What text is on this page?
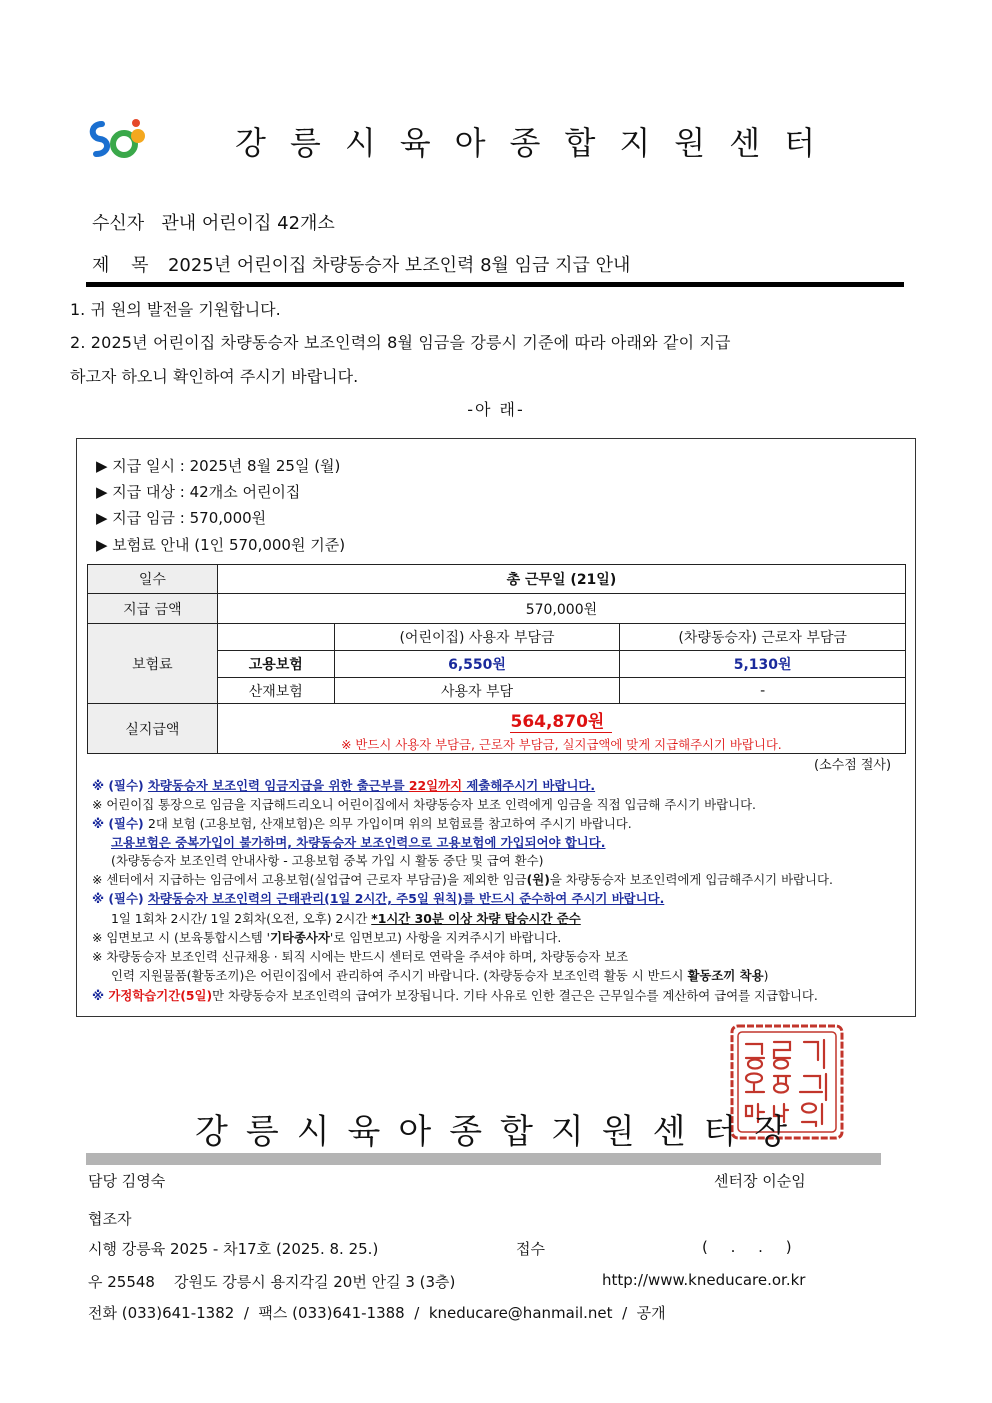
강릉시육아종합지원센터
수신자 관내 어린이집 42개소
제 목 2025년 어린이집 차량동승자 보조인력 8월 임금 지급 안내
1. 귀 원의 발전을 기원합니다.
2. 2025년 어린이집 차량동승자 보조인력의 8월 임금을 강릉시 기준에 따라 아래와 같이 지급
하고자 하오니 확인하여 주시기 바랍니다.
-아 래-
▶ 지급 일시 : 2025년 8월 25일 (월)
▶ 지급 대상 : 42개소 어린이집
▶ 지급 임금 : 570,000원
▶ 보험료 안내 (1인 570,000원 기준)
일수	총 근무일 (21일)		
지급 금액	570,000원		
보험료		(어린이집) 사용자 부담금	(차량동승자) 근로자 부담금
	고용보험	6,550원	5,130원
	산재보험	사용자 부담	-
실지급액	564,870원
※ 반드시 사용자 부담금, 근로자 부담금, 실지급액에 맞게 지급해주시기 바랍니다.		
(소수점 절사)
※ (필수) 차량동승자 보조인력 임금지급을 위한 출근부를 22일까지 제출해주시기 바랍니다.
※ 어린이집 통장으로 임금을 지급해드리오니 어린이집에서 차량동승자 보조 인력에게 임금을 직접 입금해 주시기 바랍니다.
※ (필수) 2대 보험 (고용보험, 산재보험)은 의무 가입이며 위의 보험료를 참고하여 주시기 바랍니다.
고용보험은 중복가입이 불가하며, 차량동승자 보조인력으로 고용보험에 가입되어야 합니다.
(차량동승자 보조인력 안내사항 - 고용보험 중복 가입 시 활동 중단 및 급여 환수)
※ 센터에서 지급하는 임금에서 고용보험(실업급여 근로자 부담금)을 제외한 임금(원)을 차량동승자 보조인력에게 입금해주시기 바랍니다.
※ (필수) 차량동승자 보조인력의 근태관리(1일 2시간, 주5일 원칙)를 반드시 준수하여 주시기 바랍니다.
1일 1회차 2시간/ 1일 2회차(오전, 오후) 2시간 *1시간 30분 이상 차량 탑승시간 준수
※ 임면보고 시 (보육통합시스템 '기타종사자'로 임면보고) 사항을 지켜주시기 바랍니다.
※ 차량동승자 보조인력 신규채용 · 퇴직 시에는 반드시 센터로 연락을 주셔야 하며, 차량동승자 보조
인력 지원물품(활동조끼)은 어린이집에서 관리하여 주시기 바랍니다. (차량동승자 보조인력 활동 시 반드시 활동조끼 착용)
※ 가정학습기간(5일)만 차량동승자 보조인력의 급여가 보장됩니다. 기타 사유로 인한 결근은 근무일수를 계산하여 급여를 지급합니다.
강릉시육아종합지원센터장
담당 김영숙	센터장 이순임
협조자
시행 강릉육 2025 - 차17호 (2025. 8. 25.)	접수	( . . )
우 25548    강원도 강릉시 용지각길 20번 안길 3 (3층)	http://www.kneducare.or.kr
전화 (033)641-1382  /  팩스 (033)641-1388  /  kneducare@hanmail.net  /  공개
